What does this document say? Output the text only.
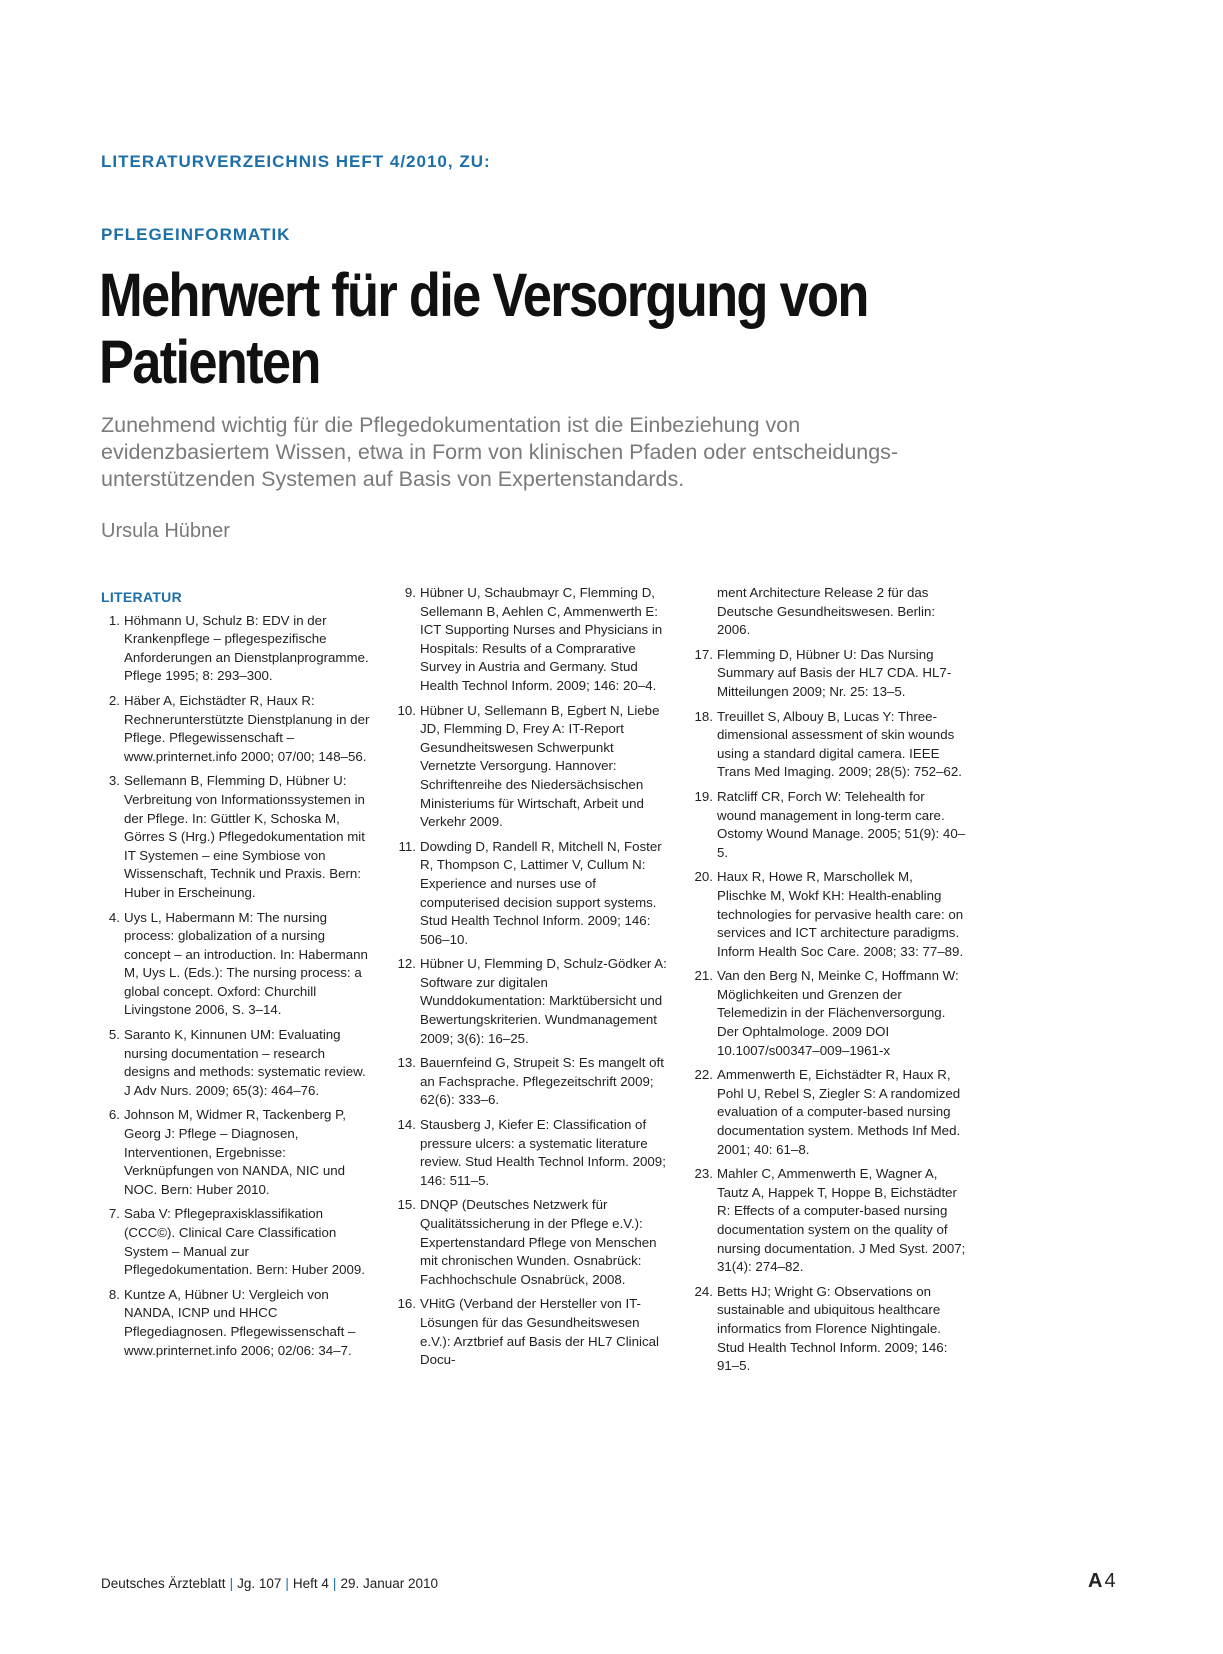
LITERATURVERZEICHNIS HEFT 4/2010, ZU:

PFLEGEINFORMATIK

Mehrwert für die Versorgung von
Patienten
Zunehmend wichtig für die Pflegedokumentation ist die Einbeziehung von
evidenzbasiertem Wissen, etwa in Form von klinischen Pfaden oder entscheidungs-
unterstützenden Systemen auf Basis von Expertenstandards.

Ursula Hübner

LITERATUR
1. Höhmann U, Schulz B: EDV in der Krankenpflege – pflegespezifische Anforderungen an Dienstplanprogramme. Pflege 1995; 8: 293–300.
2. Häber A, Eichstädter R, Haux R: Rechnerunterstützte Dienstplanung in der Pflege. Pflegewissenschaft – www.printernet.info 2000; 07/00; 148–56.
3. Sellemann B, Flemming D, Hübner U: Verbreitung von Informationssystemen in der Pflege. In: Güttler K, Schoska M, Görres S (Hrg.) Pflegedokumentation mit IT Systemen – eine Symbiose von Wissenschaft, Technik und Praxis. Bern: Huber in Erscheinung.
4. Uys L, Habermann M: The nursing process: globalization of a nursing concept – an introduction. In: Habermann M, Uys L. (Eds.): The nursing process: a global concept. Oxford: Churchill Livingstone 2006, S. 3–14.
5. Saranto K, Kinnunen UM: Evaluating nursing documentation – research designs and methods: systematic review. J Adv Nurs. 2009; 65(3): 464–76.
6. Johnson M, Widmer R, Tackenberg P, Georg J: Pflege – Diagnosen, Interventionen, Ergebnisse: Verknüpfungen von NANDA, NIC und NOC. Bern: Huber 2010.
7. Saba V: Pflegepraxisklassifikation (CCC©). Clinical Care Classification System – Manual zur Pflegedokumentation. Bern: Huber 2009.
8. Kuntze A, Hübner U: Vergleich von NANDA, ICNP und HHCC Pflegediagnosen. Pflegewissenschaft – www.printernet.info 2006; 02/06: 34–7.
9. Hübner U, Schaubmayr C, Flemming D, Sellemann B, Aehlen C, Ammenwerth E: ICT Supporting Nurses and Physicians in Hospitals: Results of a Comprarative Survey in Austria and Germany. Stud Health Technol Inform. 2009; 146: 20–4.
10. Hübner U, Sellemann B, Egbert N, Liebe JD, Flemming D, Frey A: IT-Report Gesundheitswesen Schwerpunkt Vernetzte Versorgung. Hannover: Schriftenreihe des Niedersächsischen Ministeriums für Wirtschaft, Arbeit und Verkehr 2009.
11. Dowding D, Randell R, Mitchell N, Foster R, Thompson C, Lattimer V, Cullum N: Experience and nurses use of computerised decision support systems. Stud Health Technol Inform. 2009; 146: 506–10.
12. Hübner U, Flemming D, Schulz-Gödker A: Software zur digitalen Wunddokumentation: Marktübersicht und Bewertungskriterien. Wundmanagement 2009; 3(6): 16–25.
13. Bauernfeind G, Strupeit S: Es mangelt oft an Fachsprache. Pflegezeitschrift 2009; 62(6): 333–6.
14. Stausberg J, Kiefer E: Classification of pressure ulcers: a systematic literature review. Stud Health Technol Inform. 2009; 146: 511–5.
15. DNQP (Deutsches Netzwerk für Qualitätssicherung in der Pflege e.V.): Expertenstandard Pflege von Menschen mit chronischen Wunden. Osnabrück: Fachhochschule Osnabrück, 2008.
16. VHitG (Verband der Hersteller von IT-Lösungen für das Gesundheitswesen e.V.): Arztbrief auf Basis der HL7 Clinical Docu-
ment Architecture Release 2 für das Deutsche Gesundheitswesen. Berlin: 2006.
17. Flemming D, Hübner U: Das Nursing Summary auf Basis der HL7 CDA. HL7-Mitteilungen 2009; Nr. 25: 13–5.
18. Treuillet S, Albouy B, Lucas Y: Three-dimensional assessment of skin wounds using a standard digital camera. IEEE Trans Med Imaging. 2009; 28(5): 752–62.
19. Ratcliff CR, Forch W: Telehealth for wound management in long-term care. Ostomy Wound Manage. 2005; 51(9): 40–5.
20. Haux R, Howe R, Marschollek M, Plischke M, Wokf KH: Health-enabling technologies for pervasive health care: on services and ICT architecture paradigms. Inform Health Soc Care. 2008; 33: 77–89.
21. Van den Berg N, Meinke C, Hoffmann W: Möglichkeiten und Grenzen der Telemedizin in der Flächenversorgung. Der Ophtalmologe. 2009 DOI 10.1007/s00347–009–1961-x
22. Ammenwerth E, Eichstädter R, Haux R, Pohl U, Rebel S, Ziegler S: A randomized evaluation of a computer-based nursing documentation system. Methods Inf Med. 2001; 40: 61–8.
23. Mahler C, Ammenwerth E, Wagner A, Tautz A, Happek T, Hoppe B, Eichstädter R: Effects of a computer-based nursing documentation system on the quality of nursing documentation. J Med Syst. 2007; 31(4): 274–82.
24. Betts HJ; Wright G: Observations on sustainable and ubiquitous healthcare informatics from Florence Nightingale. Stud Health Technol Inform. 2009; 146: 91–5.
Deutsches Ärzteblatt | Jg. 107 | Heft 4 | 29. Januar 2010	A 4
